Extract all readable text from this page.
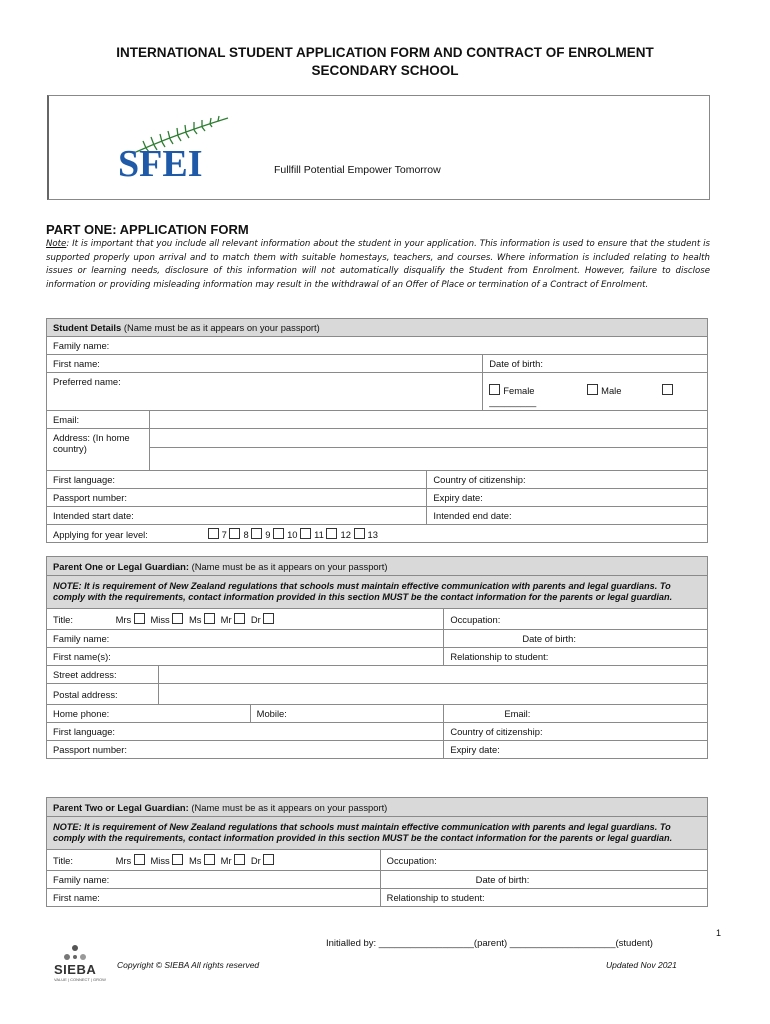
INTERNATIONAL STUDENT APPLICATION FORM AND CONTRACT OF ENROLMENT
SECONDARY SCHOOL
SFEI	Fullfill Potential Empower Tomorrow
PART ONE: APPLICATION FORM
Note: It is important that you include all relevant information about the student in your application. This information is used to ensure that the student is supported properly upon arrival and to match them with suitable homestays, teachers, and courses. Where information is included relating to health issues or learning needs, disclosure of this information will not automatically disqualify the Student from Enrolment. However, failure to disclose information or providing misleading information may result in the withdrawal of an Offer of Place or termination of a Contract of Enrolment.
Student Details (Name must be as it appears on your passport)			
Family name:			
First name:			Date of birth:
Preferred name:			Female Male _________
Email:			
Address: (In home country)			

First language:		Country of citizenship:	
Passport number:		Expiry date:	
Intended start date:		Intended end date:	
Applying for year level: 7 8 9 10 11 12 13			
Parent One or Legal Guardian: (Name must be as it appears on your passport)			
NOTE: It is requirement of New Zealand regulations that schools must maintain effective communication with parents and legal guardians. To comply with the requirements, contact information provided in this section MUST be the contact information for the parents or legal guardian.			
Title: Mrs Miss Ms Mr Dr			Occupation:
Family name:			Date of birth:
First name(s):			Relationship to student:
Street address:			
Postal address:			
Home phone:		Mobile:	Email:
First language:			Country of citizenship:
Passport number:			Expiry date:
Parent Two or Legal Guardian: (Name must be as it appears on your passport)	
NOTE: It is requirement of New Zealand regulations that schools must maintain effective communication with parents and legal guardians. To comply with the requirements, contact information provided in this section MUST be the contact information for the parents or legal guardian.	
Title: Mrs Miss Ms Mr Dr	Occupation:
Family name:	Date of birth:
First name:	Relationship to student:
1
Initialled by: __________________(parent) ____________________(student)
SIEBA
VALUE | CONNECT | GROW
Copyright © SIEBA All rights reserved	Updated Nov 2021
